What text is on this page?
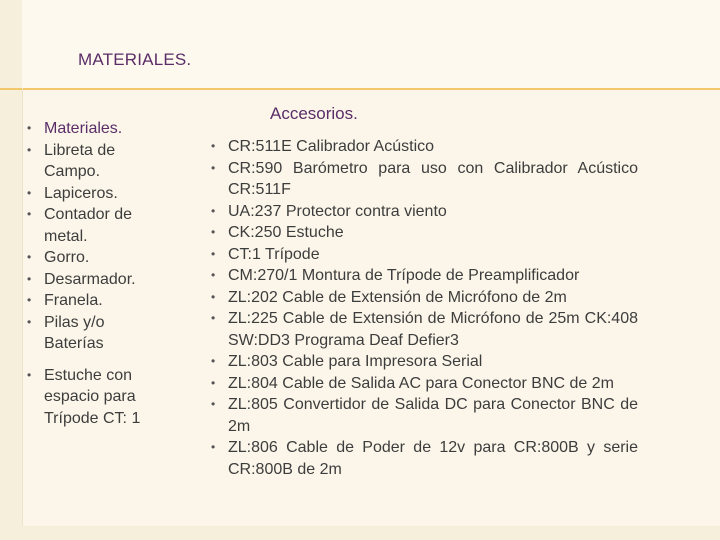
MATERIALES.
• Materiales.
• Libreta de Campo.
• Lapiceros.
• Contador de metal.
• Gorro.
• Desarmador.
• Franela.
• Pilas y/o Baterías
• Estuche con espacio para Trípode CT: 1
Accesorios.
• CR:511E Calibrador Acústico
• CR:590 Barómetro para uso con Calibrador Acústico CR:511F
• UA:237 Protector contra viento
• CK:250 Estuche
• CT:1 Trípode
• CM:270/1 Montura de Trípode de Preamplificador
• ZL:202 Cable de Extensión de Micrófono de 2m
• ZL:225 Cable de Extensión de Micrófono de 25m CK:408 SW:DD3 Programa Deaf Defier3
• ZL:803 Cable para Impresora Serial
• ZL:804 Cable de Salida AC para Conector BNC de 2m
• ZL:805 Convertidor de Salida DC para Conector BNC de 2m
• ZL:806 Cable de Poder de 12v para CR:800B y serie CR:800B de 2m
